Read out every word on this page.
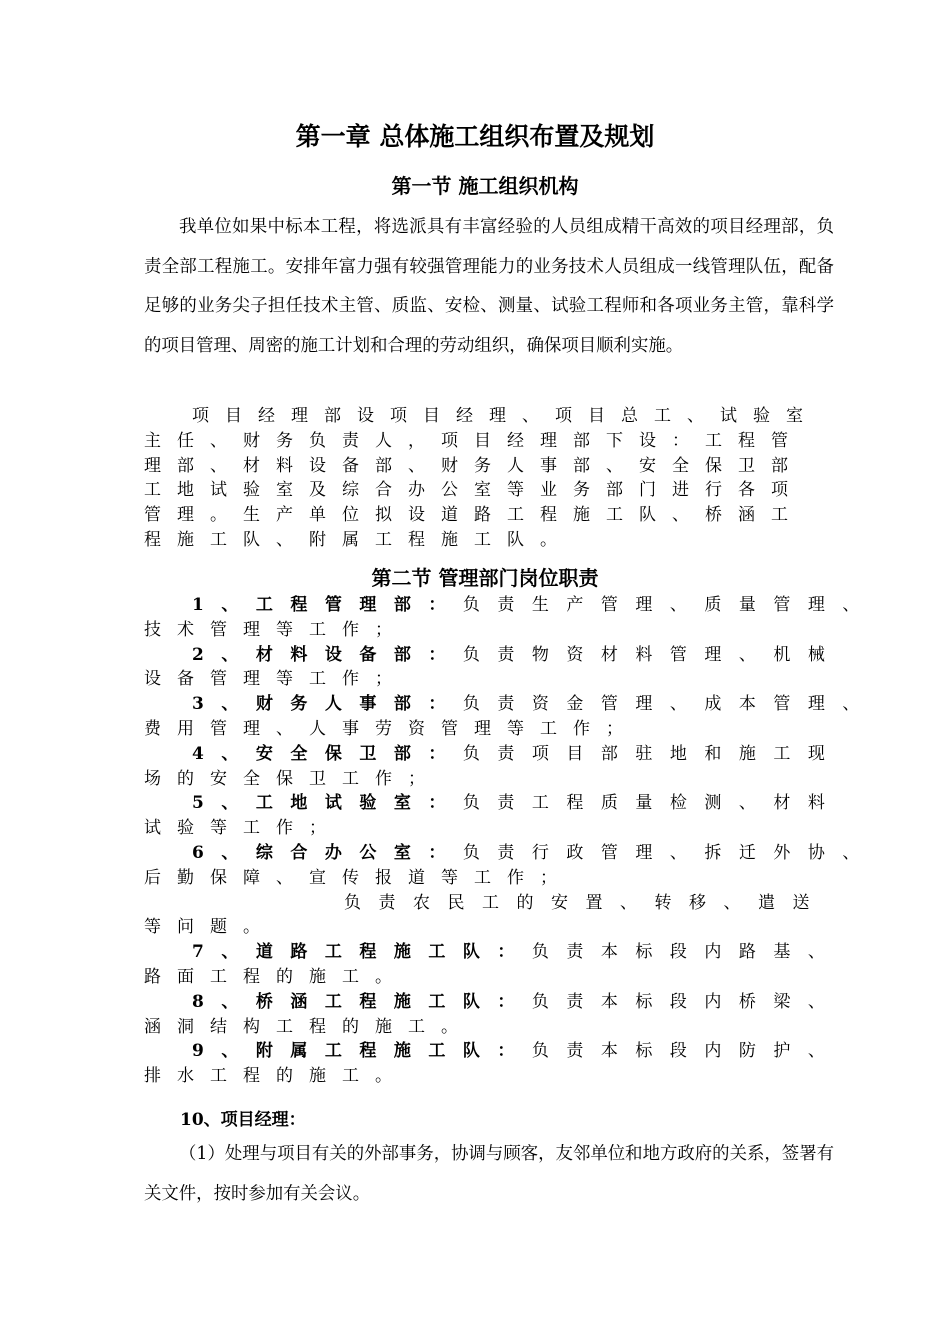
第一章 总体施工组织布置及规划
第一节 施工组织机构

我单位如果中标本工程，将选派具有丰富经验的人员组成精干高效的项目经理部，负责全部工程施工。安排年富力强有较强管理能力的业务技术人员组成一线管理队伍，配备足够的业务尖子担任技术主管、质监、安检、测量、试验工程师和各项业务主管，靠科学的项目管理、周密的施工计划和合理的劳动组织，确保项目顺利实施。

项目经理部设项目经理、项目总工、试验室
主任、财务负责人，项目经理部下设：工程管
理部、材料设备部、财务人事部、安全保卫部
工地试验室及综合办公室等业务部门进行各项
管理。生产单位拟设道路工程施工队、桥涵工
程施工队、附属工程施工队。
第二节 管理部门岗位职责
1、工程管理部：负责生产管理、质量管理、
技术管理等工作；
2、材料设备部：负责物资材料管理、机械
设备管理等工作；
3、财务人事部：负责资金管理、成本管理、
费用管理、人事劳资管理等工作；
4、安全保卫部：负责项目部驻地和施工现
场的安全保卫工作；
5、工地试验室：负责工程质量检测、材料
试验等工作；
6、综合办公室：负责行政管理、拆迁外协、
后勤保障、宣传报道等工作；
负责农民工的安置、转移、遣送
等问题。
7、道路工程施工队：负责本标段内路基、
路面工程的施工。
8、桥涵工程施工队：负责本标段内桥梁、
涵洞结构工程的施工。
9、附属工程施工队：负责本标段内防护、
排水工程的施工。
10、项目经理：

（1）处理与项目有关的外部事务，协调与顾客，友邻单位和地方政府的关系，签署有关文件，按时参加有关会议。
